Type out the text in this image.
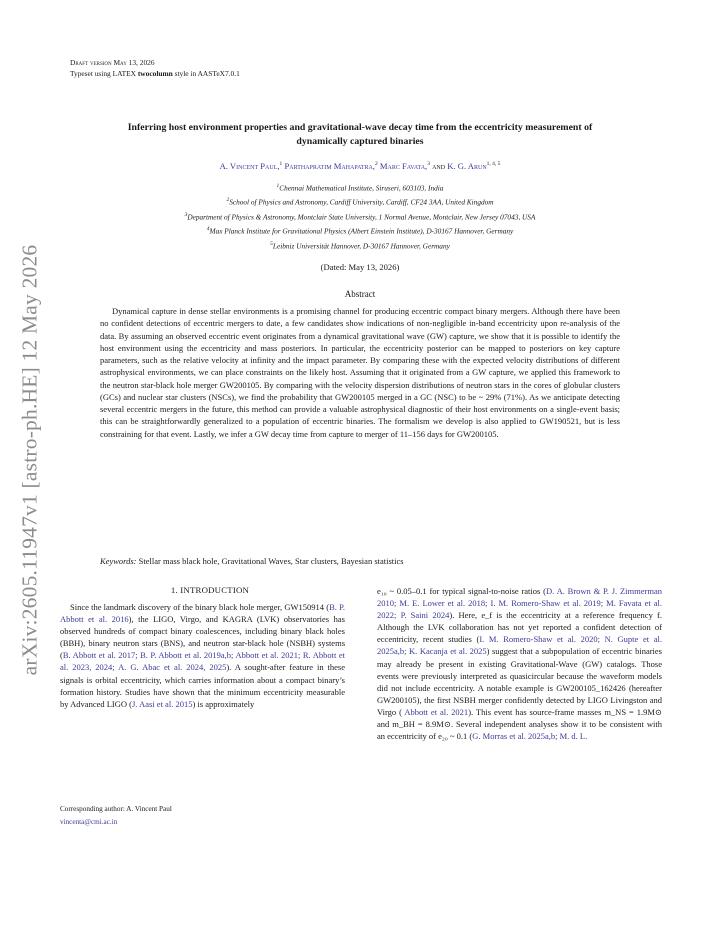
arXiv:2605.11947v1 [astro-ph.HE] 12 May 2026
Draft version May 13, 2026
Typeset using LATEX twocolumn style in AASTeX7.0.1
Inferring host environment properties and gravitational-wave decay time from the eccentricity measurement of
dynamically captured binaries
A. Vincent Paul,$^1$ Parthapratim Mahapatra,$^2$ Marc Favata,$^3$ and K. G. Arun$^{1, 4, 5}$
$^1$Chennai Mathematical Institute, Siruseri, 603103, India
$^2$School of Physics and Astronomy, Cardiff University, Cardiff, CF24 3AA, United Kingdom
$^3$Department of Physics & Astronomy, Montclair State University, 1 Normal Avenue, Montclair, New Jersey 07043, USA
$^4$Max Planck Institute for Gravitational Physics (Albert Einstein Institute), D-30167 Hannover, Germany
$^5$Leibniz Universität Hannover, D-30167 Hannover, Germany
(Dated: May 13, 2026)
Abstract

Dynamical capture in dense stellar environments is a promising channel for producing eccentric compact binary mergers. Although there have been no confident detections of eccentric mergers to date, a few candidates show indications of non-negligible in-band eccentricity upon re-analysis of the data. By assuming an observed eccentric event originates from a dynamical gravitational wave (GW) capture, we show that it is possible to identify the host environment using the eccentricity and mass posteriors. In particular, the eccentricity posterior can be mapped to posteriors on key capture parameters, such as the relative velocity at infinity and the impact parameter. By comparing these with the expected velocity distributions of different astrophysical environments, we can place constraints on the likely host. Assuming that it originated from a GW capture, we applied this framework to the neutron star-black hole merger GW200105. By comparing with the velocity dispersion distributions of neutron stars in the cores of globular clusters (GCs) and nuclear star clusters (NSCs), we find the probability that GW200105 merged in a GC (NSC) to be ~ 29% (71%). As we anticipate detecting several eccentric mergers in the future, this method can provide a valuable astrophysical diagnostic of their host environments on a single-event basis; this can be straightforwardly generalized to a population of eccentric binaries. The formalism we develop is also applied to GW190521, but is less constraining for that event. Lastly, we infer a GW decay time from capture to merger of 11–156 days for GW200105.

Keywords: Stellar mass black hole, Gravitational Waves, Star clusters, Bayesian statistics
1. INTRODUCTION

Since the landmark discovery of the binary black hole merger, GW150914 (B. P. Abbott et al. 2016), the LIGO, Virgo, and KAGRA (LVK) observatories has observed hundreds of compact binary coalescences, including binary black holes (BBH), binary neutron stars (BNS), and neutron star-black hole (NSBH) systems (B. Abbott et al. 2017; B. P. Abbott et al. 2019a,b; Abbott et al. 2021; R. Abbott et al. 2023, 2024; A. G. Abac et al. 2024, 2025). A sought-after feature in these signals is orbital eccentricity, which carries information about a compact binary’s formation history. Studies have shown that the minimum eccentricity measurable by Advanced LIGO (J. Aasi et al. 2015) is approximately

e₁₀ ~ 0.05–0.1 for typical signal-to-noise ratios (D. A. Brown & P. J. Zimmerman 2010; M. E. Lower et al. 2018; I. M. Romero-Shaw et al. 2019; M. Favata et al. 2022; P. Saini 2024). Here, e_f is the eccentricity at a reference frequency f. Although the LVK collaboration has not yet reported a confident detection of eccentricity, recent studies (I. M. Romero-Shaw et al. 2020; N. Gupte et al. 2025a,b; K. Kacanja et al. 2025) suggest that a subpopulation of eccentric binaries may already be present in existing Gravitational-Wave (GW) catalogs. Those events were previously interpreted as quasicircular because the waveform models did not include eccentricity. A notable example is GW200105_162426 (hereafter GW200105), the first NSBH merger confidently detected by LIGO Livingston and Virgo ( Abbott et al. 2021). This event has source-frame masses m_NS = 1.9M⊙ and m_BH = 8.9M⊙. Several independent analyses show it to be consistent with an eccentricity of e₂₀ ~ 0.1 (G. Morras et al. 2025a,b; M. d. L.

Corresponding author: A. Vincent Paul
vincenta@cmi.ac.in
